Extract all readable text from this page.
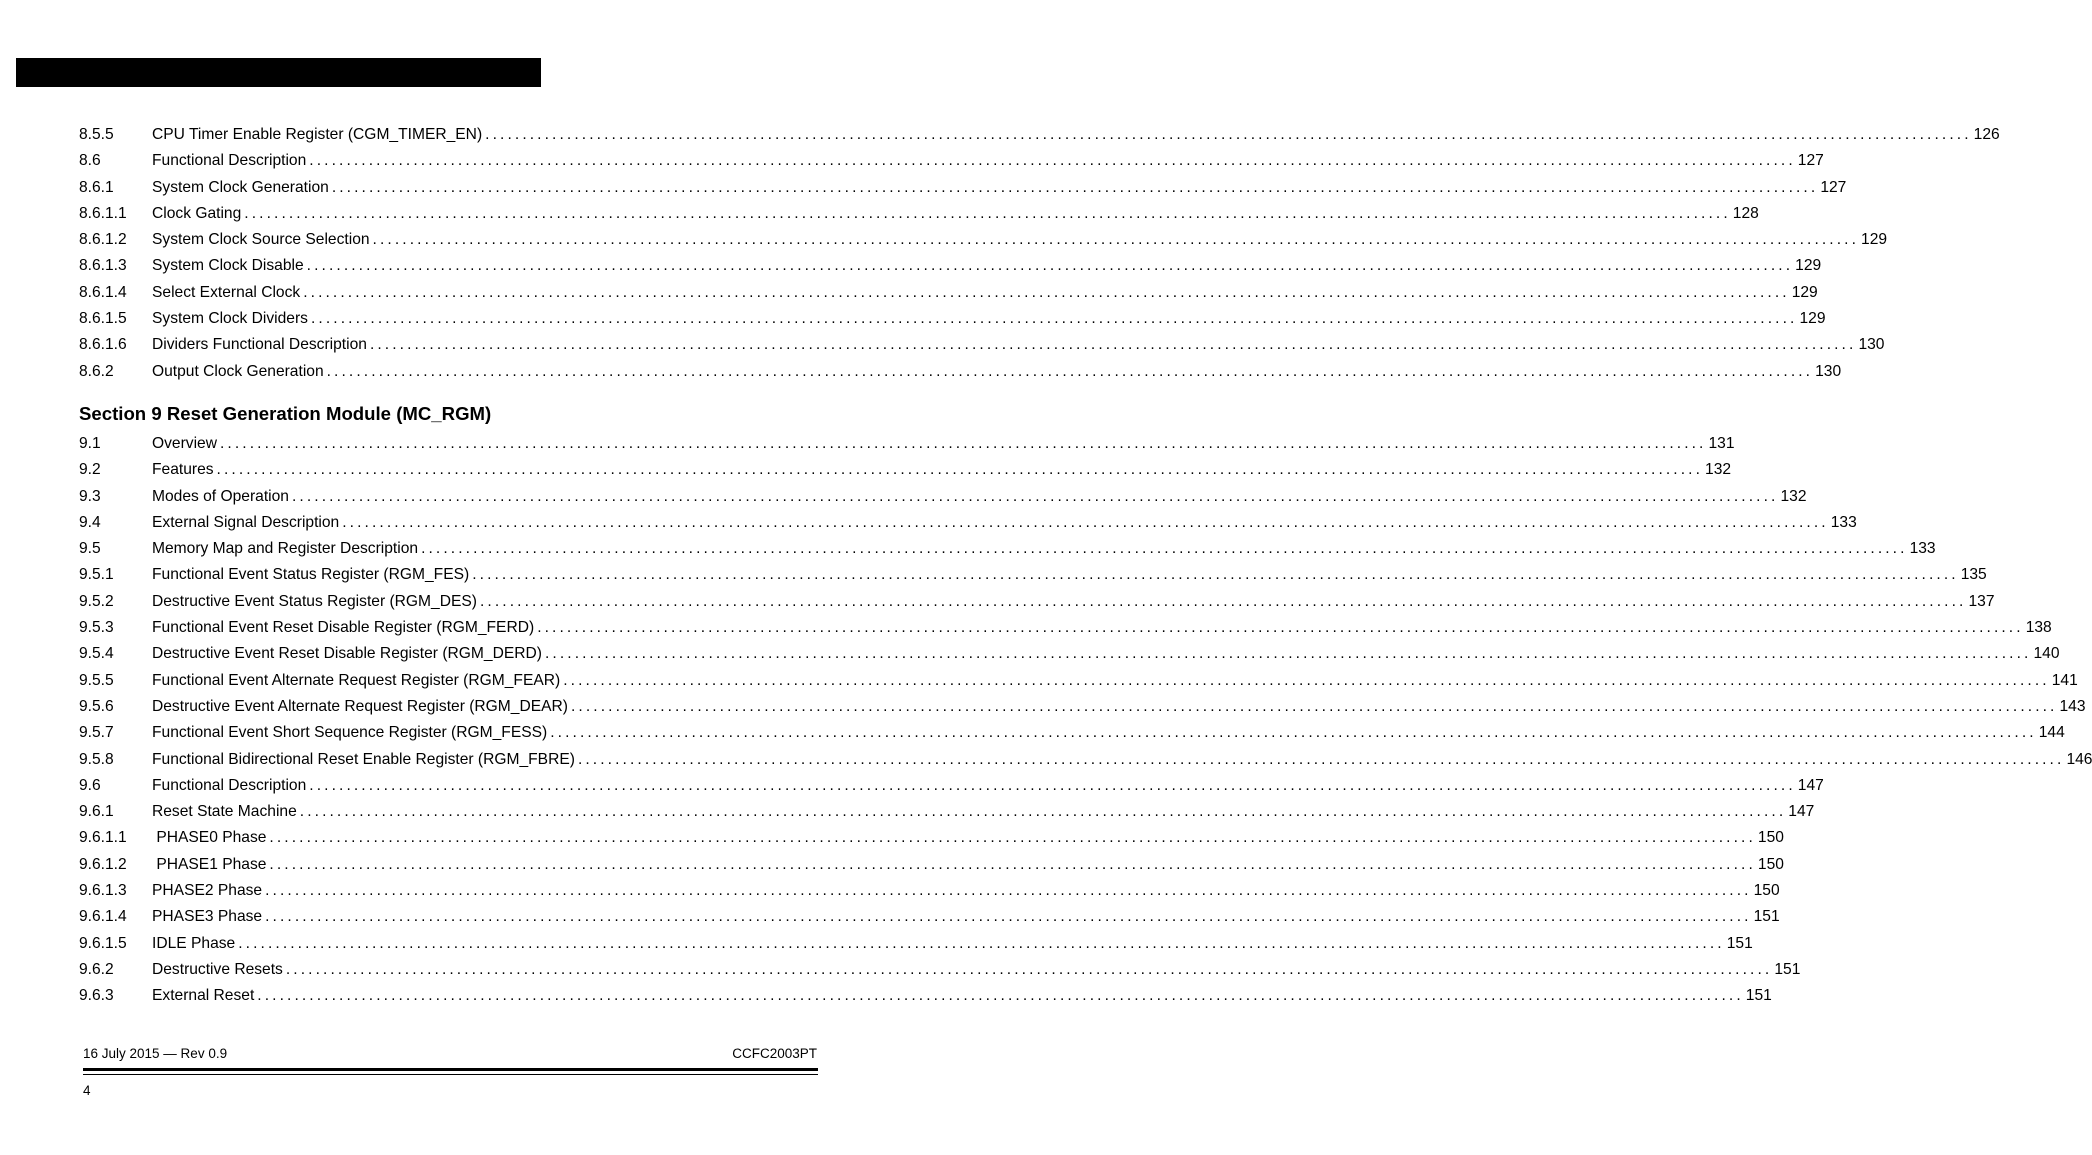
8.5.5	CPU Timer Enable Register (CGM_TIMER_EN) ........................................................................................................................................................................................................ 126
8.6	Functional Description ........................................................................................................................................................................................................ 127
8.6.1	System Clock Generation ........................................................................................................................................................................................................ 127
8.6.1.1	Clock Gating ........................................................................................................................................................................................................ 128
8.6.1.2	System Clock Source Selection ........................................................................................................................................................................................................ 129
8.6.1.3	System Clock Disable ........................................................................................................................................................................................................ 129
8.6.1.4	Select External Clock ........................................................................................................................................................................................................ 129
8.6.1.5	System Clock Dividers ........................................................................................................................................................................................................ 129
8.6.1.6	Dividers Functional Description ........................................................................................................................................................................................................ 130
8.6.2	Output Clock Generation ........................................................................................................................................................................................................ 130
Section 9 Reset Generation Module (MC_RGM)
9.1	Overview ........................................................................................................................................................................................................ 131
9.2	Features ........................................................................................................................................................................................................ 132
9.3	Modes of Operation ........................................................................................................................................................................................................ 132
9.4	External Signal Description ........................................................................................................................................................................................................ 133
9.5	Memory Map and Register Description ........................................................................................................................................................................................................ 133
9.5.1	Functional Event Status Register (RGM_FES) ........................................................................................................................................................................................................ 135
9.5.2	Destructive Event Status Register (RGM_DES) ........................................................................................................................................................................................................ 137
9.5.3	Functional Event Reset Disable Register (RGM_FERD) ........................................................................................................................................................................................................ 138
9.5.4	Destructive Event Reset Disable Register (RGM_DERD) ........................................................................................................................................................................................................ 140
9.5.5	Functional Event Alternate Request Register (RGM_FEAR) ........................................................................................................................................................................................................ 141
9.5.6	Destructive Event Alternate Request Register (RGM_DEAR) ........................................................................................................................................................................................................ 143
9.5.7	Functional Event Short Sequence Register (RGM_FESS) ........................................................................................................................................................................................................ 144
9.5.8	Functional Bidirectional Reset Enable Register (RGM_FBRE) ........................................................................................................................................................................................................ 146
9.6	Functional Description ........................................................................................................................................................................................................ 147
9.6.1	Reset State Machine ........................................................................................................................................................................................................ 147
9.6.1.1	PHASE0 Phase ........................................................................................................................................................................................................ 150
9.6.1.2	PHASE1 Phase ........................................................................................................................................................................................................ 150
9.6.1.3	PHASE2 Phase ........................................................................................................................................................................................................ 150
9.6.1.4	PHASE3 Phase ........................................................................................................................................................................................................ 151
9.6.1.5	IDLE Phase ........................................................................................................................................................................................................ 151
9.6.2	Destructive Resets ........................................................................................................................................................................................................ 151
9.6.3	External Reset ........................................................................................................................................................................................................ 151
16 July 2015 — Rev 0.9	CCFC2003PT
4
